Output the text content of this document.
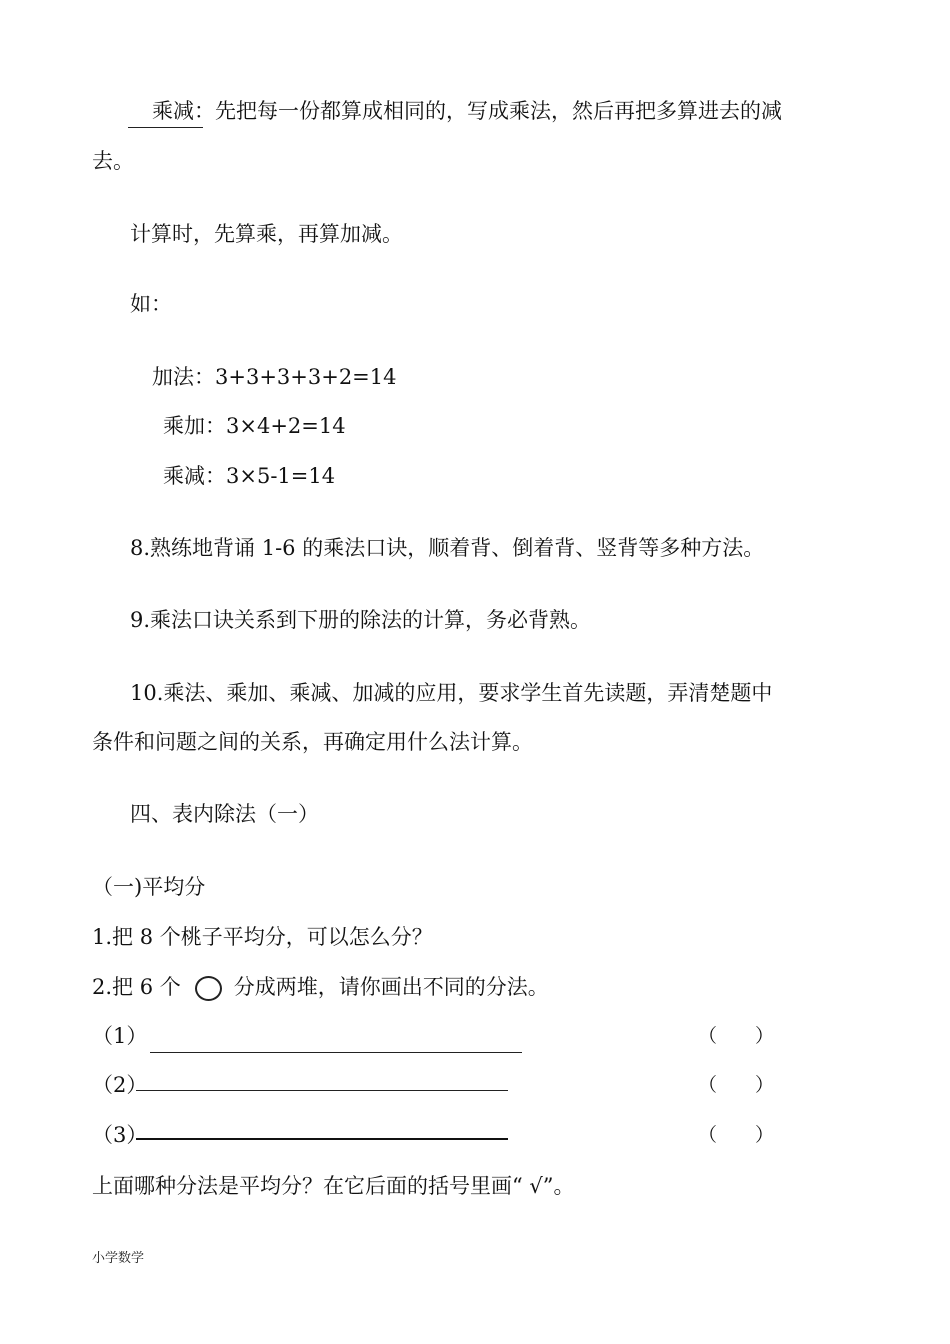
乘减：先把每一份都算成相同的，写成乘法，然后再把多算进去的减
去。
计算时，先算乘，再算加减。
如：
加法：3+3+3+3+2=14
乘加：3×4+2=14
乘减：3×5-1=14
8.熟练地背诵 1-6 的乘法口诀，顺着背、倒着背、竖背等多种方法。
9.乘法口诀关系到下册的除法的计算，务必背熟。
10.乘法、乘加、乘减、加减的应用，要求学生首先读题，弄清楚题中
条件和问题之间的关系，再确定用什么法计算。
四、表内除法（一）
（一)平均分
1.把 8 个桃子平均分，可以怎么分？
2.把 6 个	分成两堆，请你画出不同的分法。
（1）	（　　）
（2）	（　　）
（3）	（　　）
上面哪种分法是平均分？在它后面的括号里画“ √”。
小学数学
